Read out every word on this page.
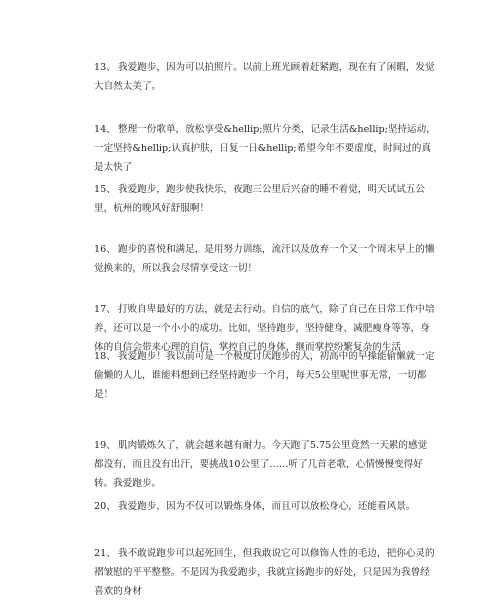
13、 我爱跑步，因为可以拍照片。以前上班光顾着赶紧跑，现在有了闲暇，发觉大自然太美了。

14、 整理一份歌单，放松享受&hellip;照片分类，记录生活&hellip;坚持运动，一定坚持&hellip;认真护肤，日复一日&hellip;希望今年不要虚度，时间过的真是太快了

15、 我爱跑步，跑步使我快乐，夜跑三公里后兴奋的睡不着觉，明天试试五公里，杭州的晚风好舒服啊！

16、 跑步的喜悦和满足，是用努力训练，流汗以及放弃一个又一个周末早上的懒觉换来的，所以我会尽情享受这一切！

17、 打败自卑最好的方法，就是去行动。自信的底气，除了自己在日常工作中培养，还可以是一个小小的成功。比如，坚持跑步，坚持健身、减肥瘦身等等，身体的自信会带来心理的自信，掌控自己的身体，继而掌控纷繁复杂的生活

18、 我爱跑步！我以前可是一个极度讨厌跑步的人，初高中的早操能偷懒就一定偷懒的人儿，谁能料想到已经坚持跑步一个月，每天5公里呢世事无常，一切都是！

19、 肌肉锻炼久了，就会越来越有耐力。今天跑了5.75公里竟然一天累的感觉都没有，而且没有出汗，要挑战10公里了……听了几首老歌，心情慢慢变得好转。我爱跑步。

20、 我爱跑步，因为不仅可以锻炼身体，而且可以放松身心，还能看风景。

21、 我不敢说跑步可以起死回生，但我敢说它可以修饰人性的毛边，把你心灵的褶皱慰的平平整整。不是因为我爱跑步，我就宣扬跑步的好处，只是因为我曾经喜欢的身材
